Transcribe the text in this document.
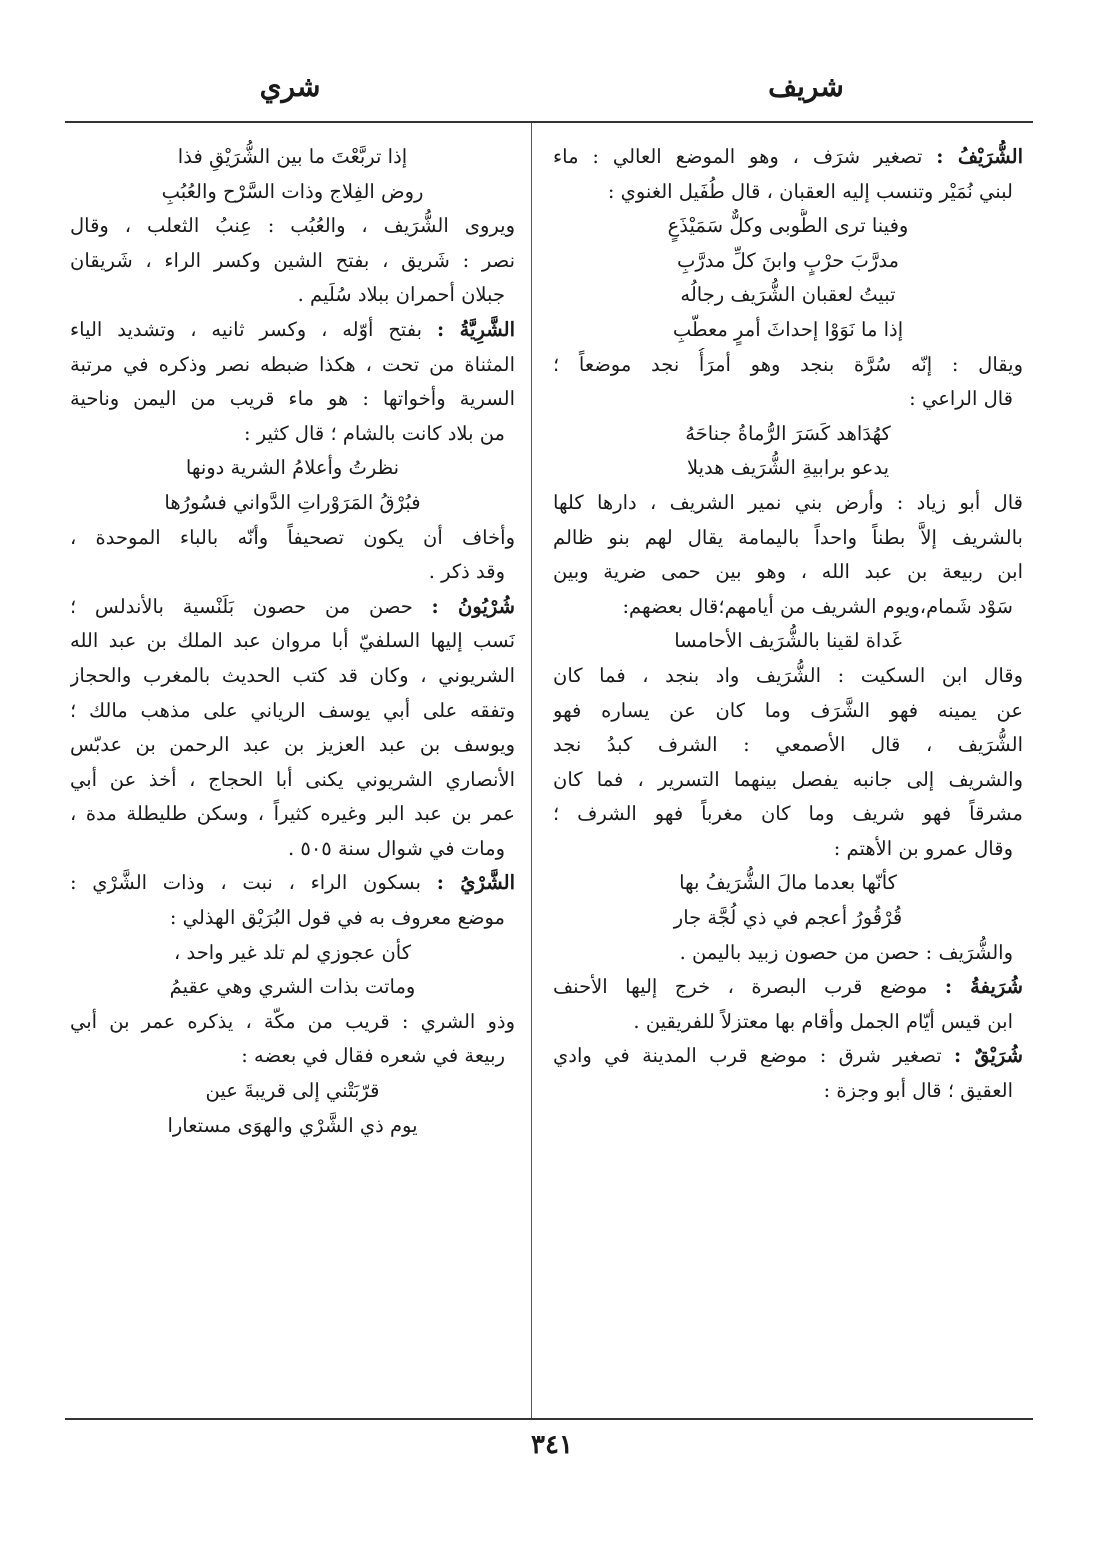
شريف
شري
الشُّرَيْفُ : تصغير شرَف ، وهو الموضع العالي : ماء
لبني نُمَيْر وتنسب إليه العقبان ، قال طُفَيل الغنوي :
وفينا ترى الطُّوبى وكلٌّ سَمَيْذَعٍ
مدرَّبَ حرْبٍ وابنَ كلِّ مدرَّبِ
تبيتُ لعقبان الشُّرَيف رجالُه
إذا ما نَوَوْا إحداثَ أمرٍ معطّبِ
ويقال : إنّه سُرَّة بنجد وهو أمرَأُ نجد موضعاً ؛
قال الراعي :
كهُدَاهد كَسَرَ الرُّماةُ جناحَهُ
يدعو برابيةِ الشُّرَيف هديلا
قال أبو زياد : وأرض بني نمير الشريف ، دارها كلها
بالشريف إلاَّ بطناً واحداً باليمامة يقال لهم بنو ظالم
ابن ربيعة بن عبد الله ، وهو بين حمى ضرية وبين
سَوْد شَمام،ويوم الشريف من أيامهم؛قال بعضهم:
غَداة لقينا بالشُّرَيف الأحامسا
وقال ابن السكيت : الشُّرَيف واد بنجد ، فما كان
عن يمينه فهو الشَّرَف وما كان عن يساره فهو
الشُّرَيف ، قال الأصمعي : الشرف كبدُ نجد
والشريف إلى جانبه يفصل بينهما التسرير ، فما كان
مشرقاً فهو شريف وما كان مغرباً فهو الشرف ؛
وقال عمرو بن الأهتم :
كأنّها بعدما مالَ الشُّرَيفُ بها
قُرْقُورُ أعجم في ذي لُجَّة جار
والشُّرَيف : حصن من حصون زبيد باليمن .
شُرَيفةُ : موضع قرب البصرة ، خرج إليها الأحنف
ابن قيس أيّام الجمل وأقام بها معتزلاً للفريقين .
شُرَيْقٌ : تصغير شرق : موضع قرب المدينة في وادي
العقيق ؛ قال أبو وجزة :
إذا تربَّعْتَ ما بين الشُّرَيْقِ فذا
روض الفِلاج وذات السَّرْح والعُبُبِ
ويروى الشُّرَيف ، والعُبُب : عِنبُ الثعلب ، وقال
نصر : شَريق ، بفتح الشين وكسر الراء ، شَريقان
جبلان أحمران ببلاد سُلَيم .
الشَّرِيَّةُ : بفتح أوّله ، وكسر ثانيه ، وتشديد الياء
المثناة من تحت ، هكذا ضبطه نصر وذكره في مرتبة
السرية وأخواتها : هو ماء قريب من اليمن وناحية
من بلاد كانت بالشام ؛ قال كثير :
نظرتُ وأعلامُ الشرية دونها
فبُرْقُ المَرَوْراتِ الدَّواني فسُورُها
وأخاف أن يكون تصحيفاً وأنّه بالباء الموحدة ،
وقد ذكر .
شُرْيُونُ : حصن من حصون بَلَنْسية بالأندلس ؛
نَسب إليها السلفيّ أبا مروان عبد الملك بن عبد الله
الشريوني ، وكان قد كتب الحديث بالمغرب والحجاز
وتفقه على أبي يوسف الرياني على مذهب مالك ؛
ويوسف بن عبد العزيز بن عبد الرحمن بن عدبّس
الأنصاري الشريوني يكنى أبا الحجاج ، أخذ عن أبي
عمر بن عبد البر وغيره كثيراً ، وسكن طليطلة مدة ،
ومات في شوال سنة ٥٠٥ .
الشَّرْيُ : بسكون الراء ، نبت ، وذات الشَّرْي :
موضع معروف به في قول البُرَيْق الهذلي :
كأن عجوزي لم تلد غير واحد ،
وماتت بذات الشري وهي عقيمُ
وذو الشري : قريب من مكّة ، يذكره عمر بن أبي
ربيعة في شعره فقال في بعضه :
قرّبَتْني إلى قريبةَ عين
يوم ذي الشَّرْي والهوَى مستعارا
٣٤١
